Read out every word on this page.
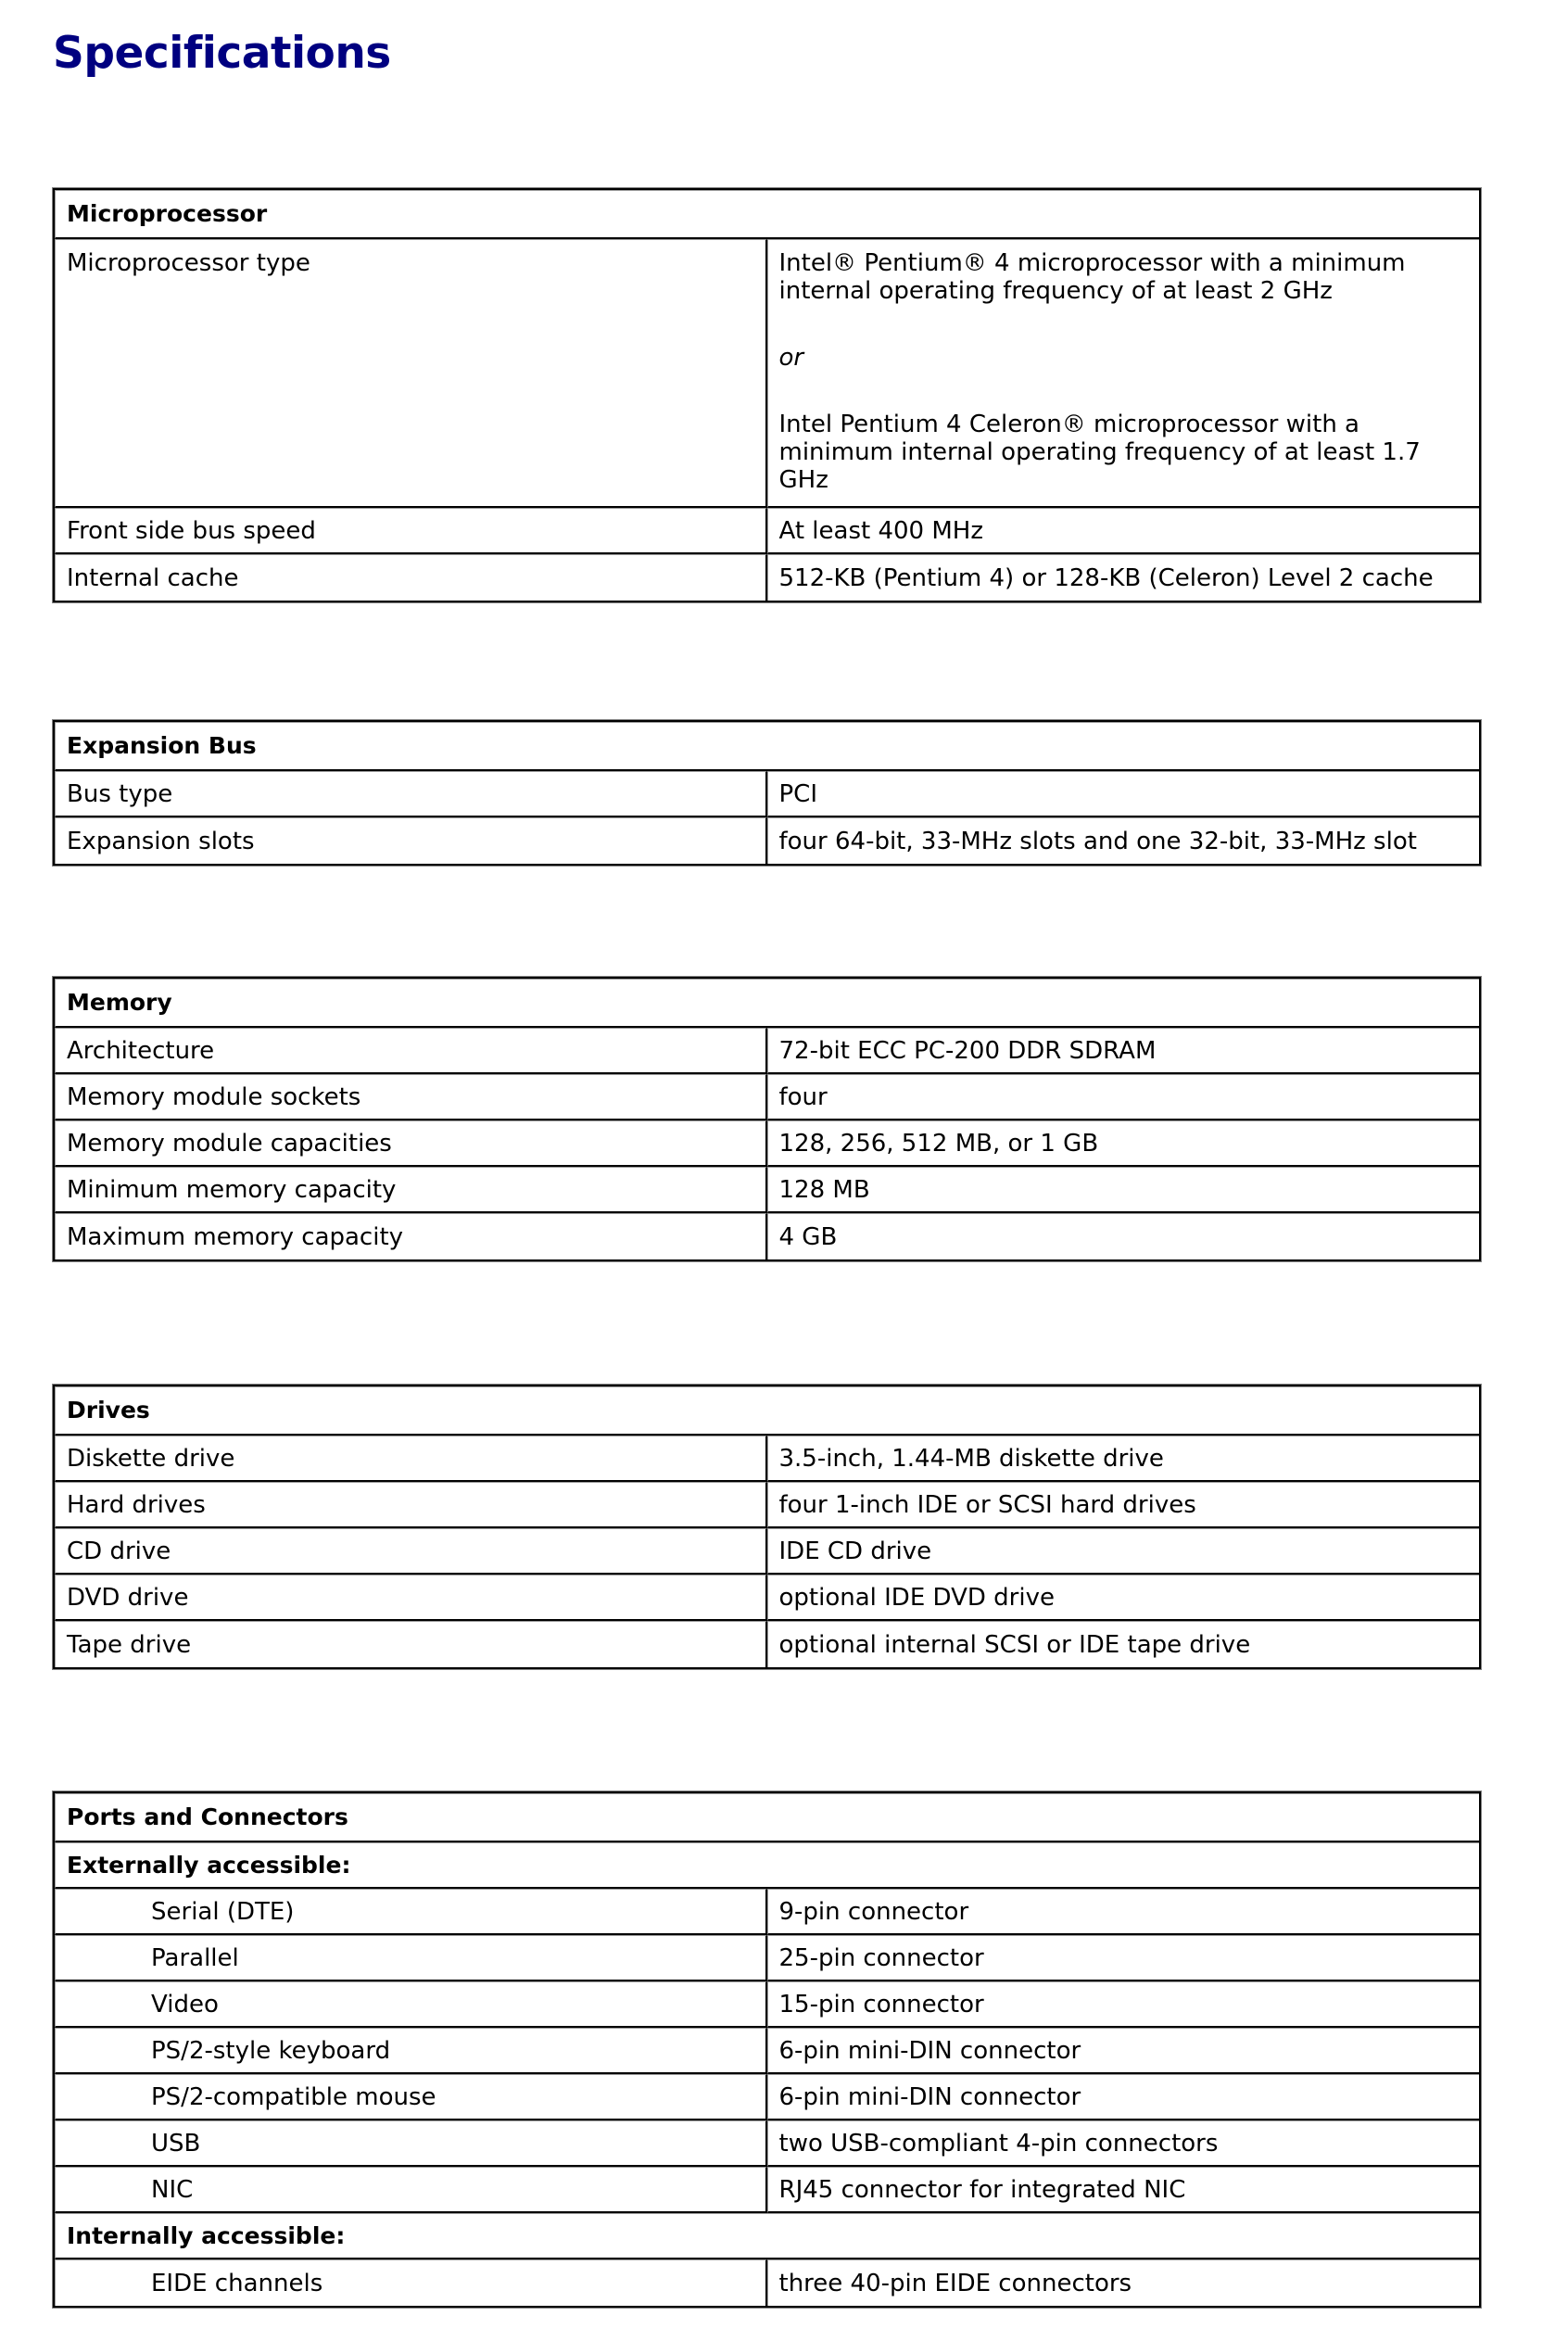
Specifications
Microprocessor	
Microprocessor type	Intel® Pentium® 4 microprocessor with a minimum internal operating frequency of at least 2 GHz

or

Intel Pentium 4 Celeron® microprocessor with a minimum internal operating frequency of at least 1.7 GHz

Front side bus speed	At least 400 MHz
Internal cache	512-KB (Pentium 4) or 128-KB (Celeron) Level 2 cache
Expansion Bus	
Bus type	PCI
Expansion slots	four 64-bit, 33-MHz slots and one 32-bit, 33-MHz slot
Memory	
Architecture	72-bit ECC PC-200 DDR SDRAM
Memory module sockets	four
Memory module capacities	128, 256, 512 MB, or 1 GB
Minimum memory capacity	128 MB
Maximum memory capacity	4 GB
Drives	
Diskette drive	3.5-inch, 1.44-MB diskette drive
Hard drives	four 1-inch IDE or SCSI hard drives
CD drive	IDE CD drive
DVD drive	optional IDE DVD drive
Tape drive	optional internal SCSI or IDE tape drive
Ports and Connectors	
Externally accessible:	
Serial (DTE)	9-pin connector
Parallel	25-pin connector
Video	15-pin connector
PS/2-style keyboard	6-pin mini-DIN connector
PS/2-compatible mouse	6-pin mini-DIN connector
USB	two USB-compliant 4-pin connectors
NIC	RJ45 connector for integrated NIC
Internally accessible:	
EIDE channels	three 40-pin EIDE connectors
